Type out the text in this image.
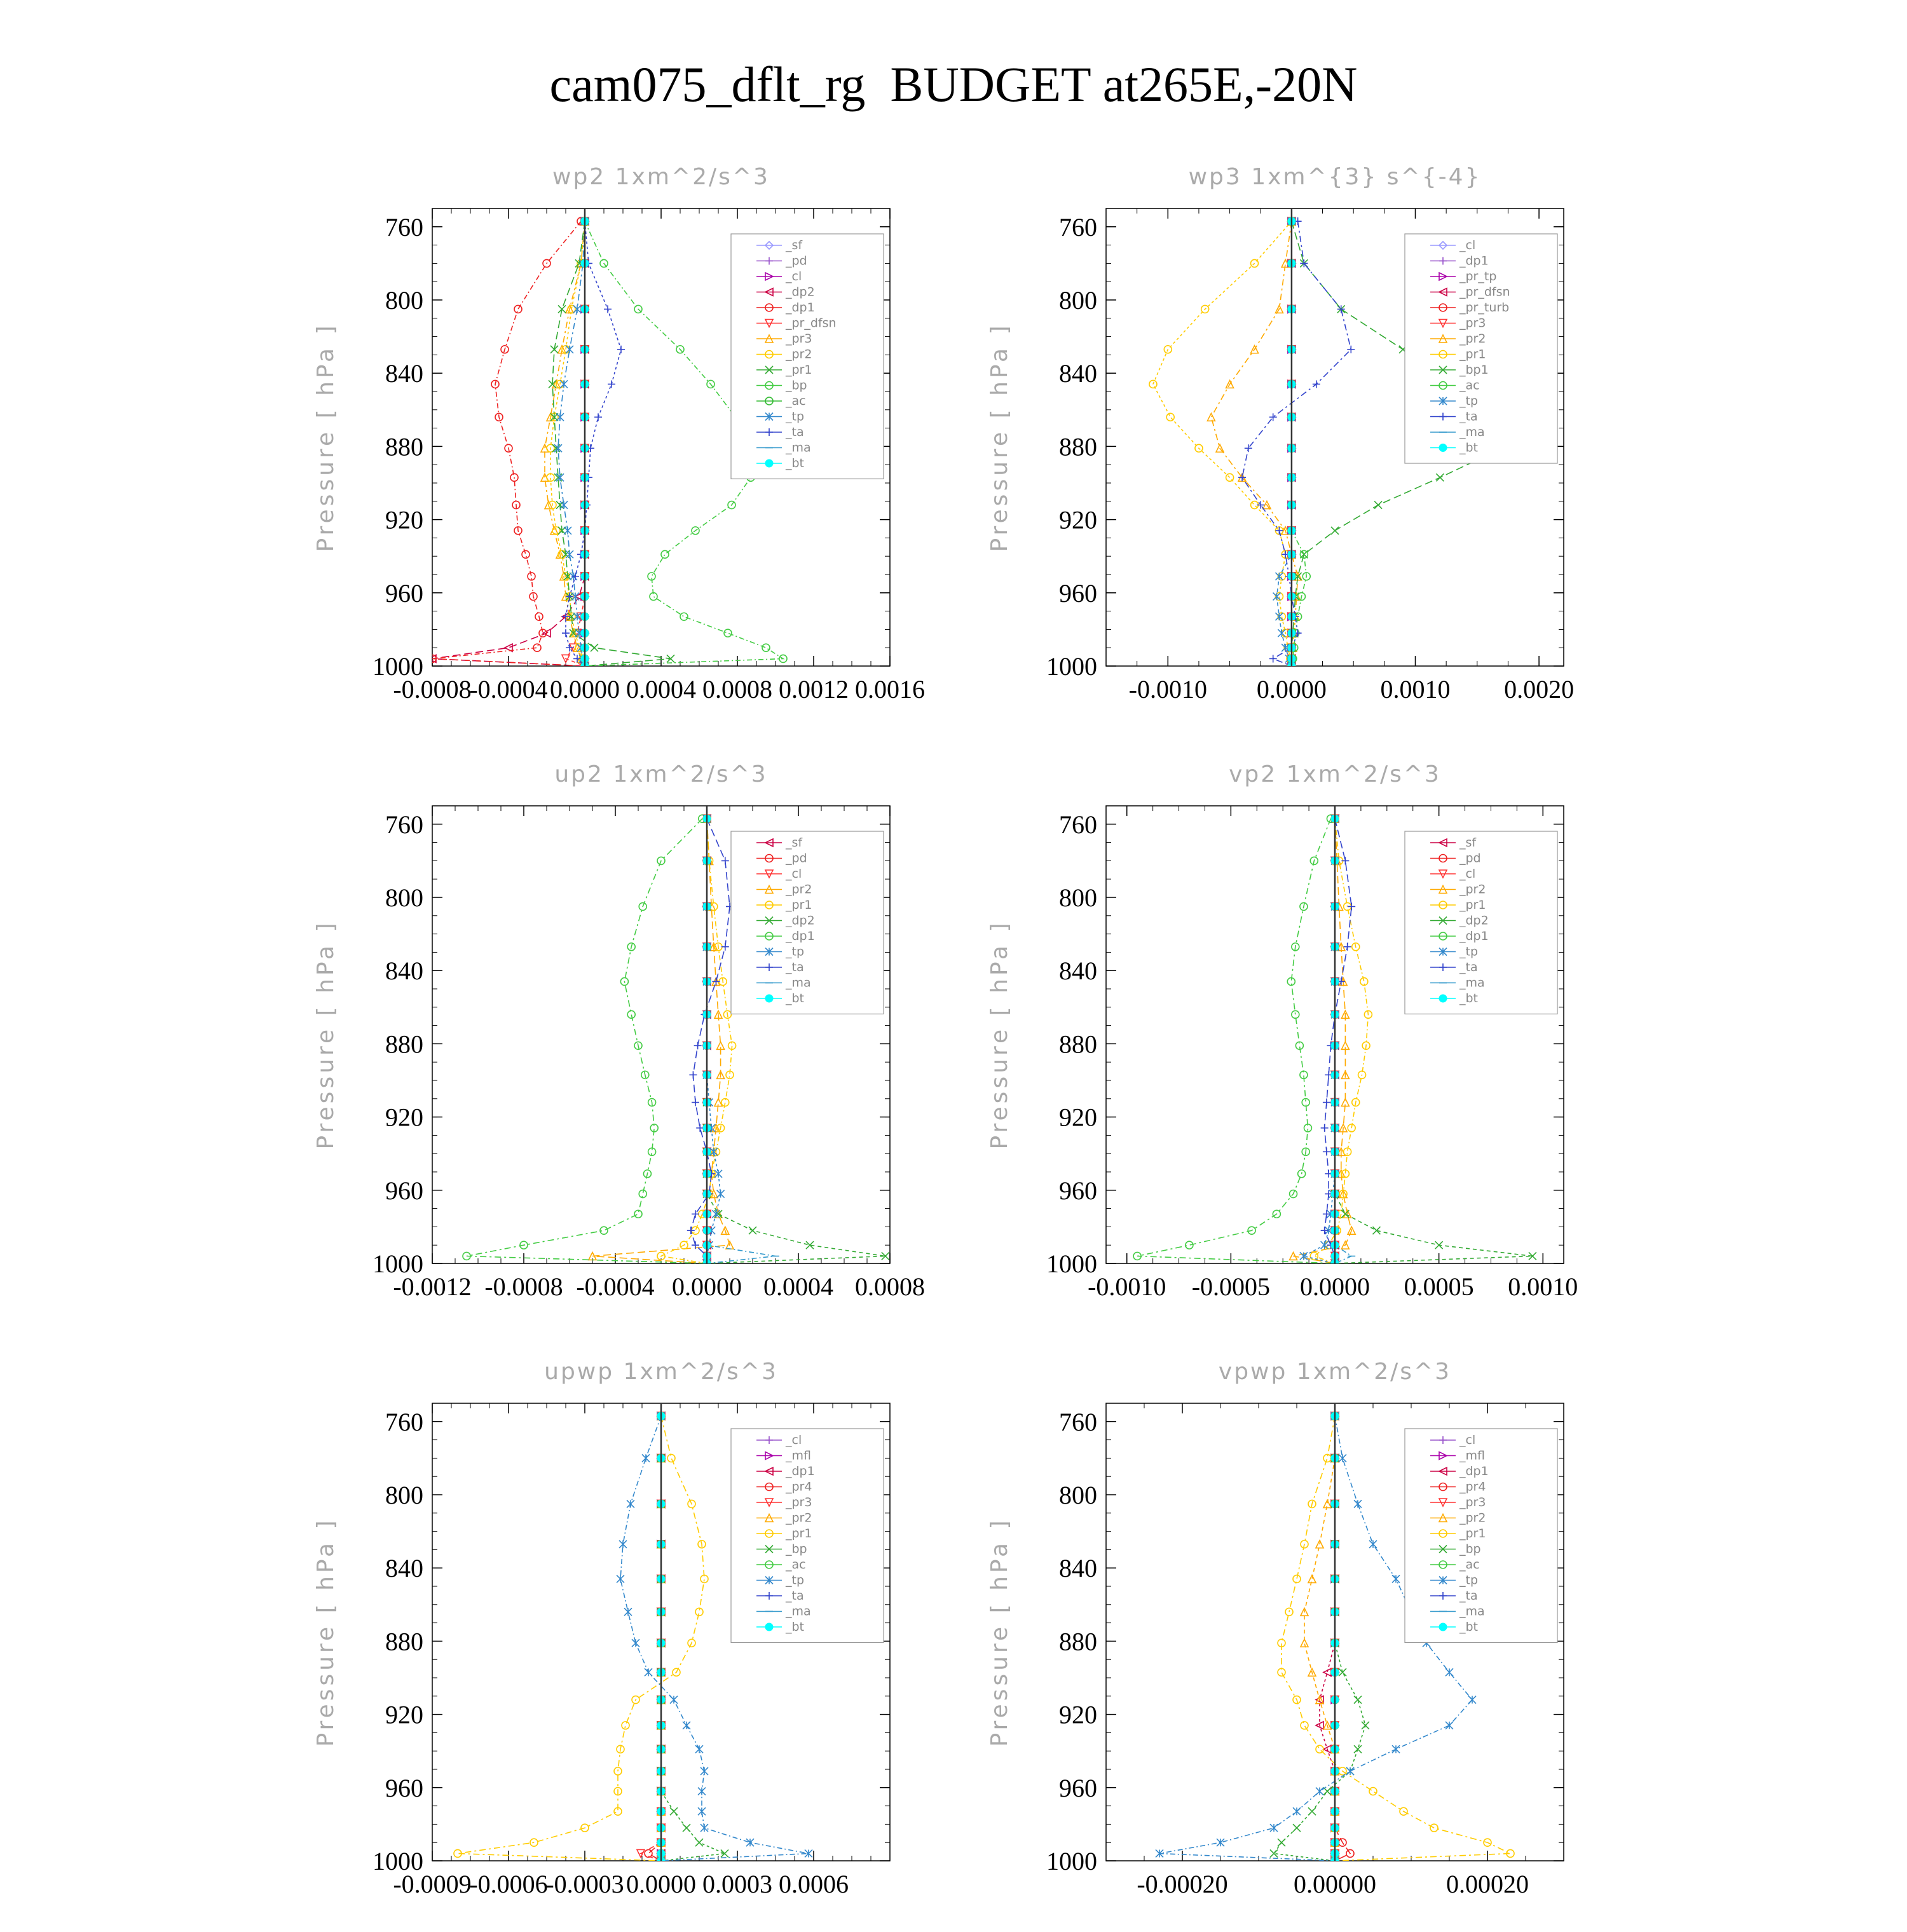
cam075_dflt_rg  BUDGET at265E,-20N
wp2 1xm^2/s^3
Pressure [ hPa ]
760
800
840
880
920
960
1000
-0.0008
-0.0004 0.0000 0.0004 0.0008 0.0012 0.0016
_sf
_pd
_cl
_dp2
_dp1
_pr_dfsn
_pr3
_pr2
_pr1
_bp
_ac
_tp
_ta
_ma
_bt
wp3 1xm^{3} s^{-4}
Pressure [ hPa ]
760
800
840
880
920
960
1000
-0.0010 0.0000 0.0010 0.0020
_cl
_dp1
_pr_tp
_pr_dfsn
_pr_turb
_pr3
_pr2
_pr1
_bp1
_ac
_tp
_ta
_ma
_bt
up2 1xm^2/s^3
Pressure [ hPa ]
760
800
840
880
920
960
1000
-0.0012 -0.0008 -0.0004 0.0000 0.0004 0.0008
_sf
_pd
_cl
_pr2
_pr1
_dp2
_dp1
_tp
_ta
_ma
_bt
vp2 1xm^2/s^3
Pressure [ hPa ]
760
800
840
880
920
960
1000
-0.0010 -0.0005 0.0000 0.0005 0.0010
_sf
_pd
_cl
_pr2
_pr1
_dp2
_dp1
_tp
_ta
_ma
_bt
upwp 1xm^2/s^3
Pressure [ hPa ]
760
800
840
880
920
960
1000
-0.0009
-0.0006
-0.0003 0.0000 0.0003 0.0006
_cl
_mfl
_dp1
_pr4
_pr3
_pr2
_pr1
_bp
_ac
_tp
_ta
_ma
_bt
vpwp 1xm^2/s^3
Pressure [ hPa ]
760
800
840
880
920
960
1000
-0.00020	0.00000	0.00020
_cl
_mfl
_dp1
_pr4
_pr3
_pr2
_pr1
_bp
_ac
_tp
_ta
_ma
_bt
